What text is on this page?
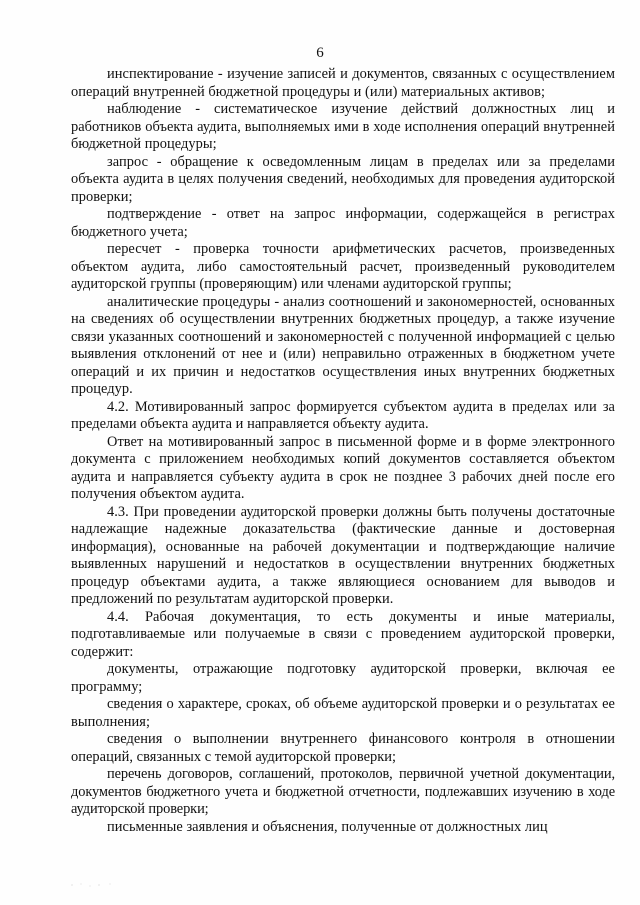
6

инспектирование - изучение записей и документов, связанных с осуществлением операций внутренней бюджетной процедуры и (или) материальных активов;

наблюдение - систематическое изучение действий должностных лиц и работников объекта аудита, выполняемых ими в ходе исполнения операций внутренней бюджетной процедуры;

запрос - обращение к осведомленным лицам в пределах или за пределами объекта аудита в целях получения сведений, необходимых для проведения аудиторской проверки;

подтверждение - ответ на запрос информации, содержащейся в регистрах бюджетного учета;

пересчет - проверка точности арифметических расчетов, произведенных объектом аудита, либо самостоятельный расчет, произведенный руководителем аудиторской группы (проверяющим) или членами аудиторской группы;

аналитические процедуры - анализ соотношений и закономерностей, основанных на сведениях об осуществлении внутренних бюджетных процедур, а также изучение связи указанных соотношений и закономерностей с полученной информацией с целью выявления отклонений от нее и (или) неправильно отраженных в бюджетном учете операций и их причин и недостатков осуществления иных внутренних бюджетных процедур.

4.2. Мотивированный запрос формируется субъектом аудита в пределах или за пределами объекта аудита и направляется объекту аудита.

Ответ на мотивированный запрос в письменной форме и в форме электронного документа с приложением необходимых копий документов составляется объектом аудита и направляется субъекту аудита в срок не позднее 3 рабочих дней после его получения объектом аудита.

4.3. При проведении аудиторской проверки должны быть получены достаточные надлежащие надежные доказательства (фактические данные и достоверная информация), основанные на рабочей документации и подтверждающие наличие выявленных нарушений и недостатков в осуществлении внутренних бюджетных процедур объектами аудита, а также являющиеся основанием для выводов и предложений по результатам аудиторской проверки.

4.4. Рабочая документация, то есть документы и иные материалы, подготавливаемые или получаемые в связи с проведением аудиторской проверки, содержит:

документы, отражающие подготовку аудиторской проверки, включая ее программу;

сведения о характере, сроках, об объеме аудиторской проверки и о результатах ее выполнения;

сведения о выполнении внутреннего финансового контроля в отношении операций, связанных с темой аудиторской проверки;

перечень договоров, соглашений, протоколов, первичной учетной документации, документов бюджетного учета и бюджетной отчетности, подлежавших изучению в ходе аудиторской проверки;

письменные заявления и объяснения, полученные от должностных лиц
